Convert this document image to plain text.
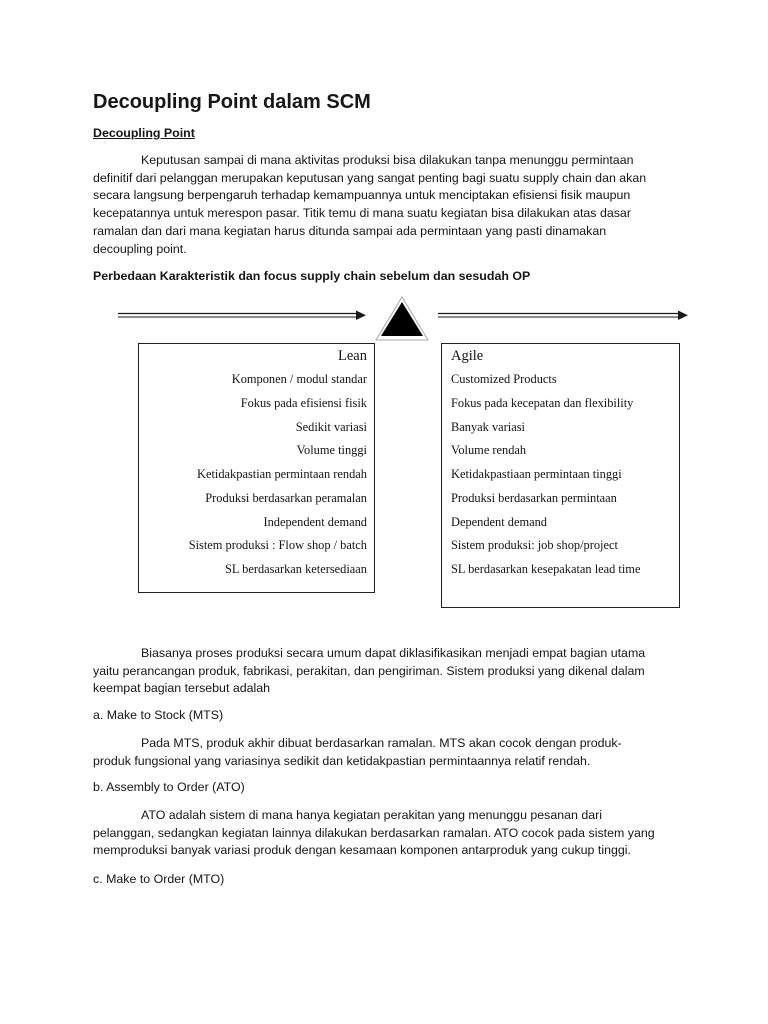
Decoupling Point dalam SCM
Decoupling Point
Keputusan sampai di mana aktivitas produksi bisa dilakukan tanpa menunggu permintaan
definitif dari pelanggan merupakan keputusan yang sangat penting bagi suatu supply chain dan akan
secara langsung berpengaruh terhadap kemampuannya untuk menciptakan efisiensi fisik maupun
kecepatannya untuk merespon pasar. Titik temu di mana suatu kegiatan bisa dilakukan atas dasar
ramalan dan dari mana kegiatan harus ditunda sampai ada permintaan yang pasti dinamakan
decoupling point.
Perbedaan Karakteristik dan focus supply chain sebelum dan sesudah OP
Lean
Komponen / modul standar
Fokus pada efisiensi fisik
Sedikit variasi
Volume tinggi
Ketidakpastian permintaan rendah
Produksi berdasarkan peramalan
Independent demand
Sistem produksi : Flow shop / batch
SL berdasarkan ketersediaan
Agile
Customized Products
Fokus pada kecepatan dan flexibility
Banyak variasi
Volume rendah
Ketidakpastiaan permintaan tinggi
Produksi berdasarkan permintaan
Dependent demand
Sistem produksi: job shop/project
SL berdasarkan kesepakatan lead time
Biasanya proses produksi secara umum dapat diklasifikasikan menjadi empat bagian utama
yaitu perancangan produk, fabrikasi, perakitan, dan pengiriman. Sistem produksi yang dikenal dalam
keempat bagian tersebut adalah
a. Make to Stock (MTS)
Pada MTS, produk akhir dibuat berdasarkan ramalan. MTS akan cocok dengan produk-
produk fungsional yang variasinya sedikit dan ketidakpastian permintaannya relatif rendah.
b. Assembly to Order (ATO)
ATO adalah sistem di mana hanya kegiatan perakitan yang menunggu pesanan dari
pelanggan, sedangkan kegiatan lainnya dilakukan berdasarkan ramalan. ATO cocok pada sistem yang
memproduksi banyak variasi produk dengan kesamaan komponen antarproduk yang cukup tinggi.
c. Make to Order (MTO)
